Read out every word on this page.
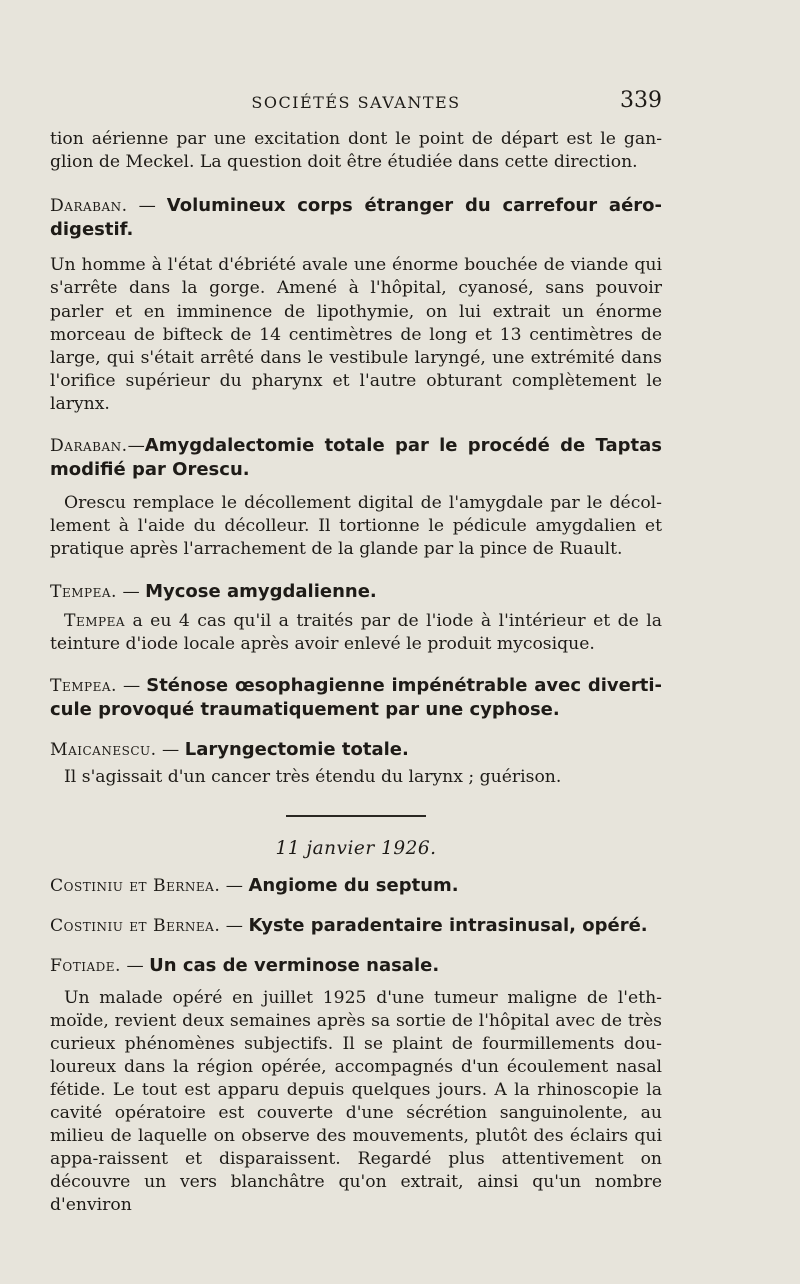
SOCIÉTÉS SAVANTES	339

tion aérienne par une excitation dont le point de départ est le gan-glion de Meckel. La question doit être étudiée dans cette direction.

Daraban. — Volumineux corps étranger du carrefour aéro-digestif.

Un homme à l'état d'ébriété avale une énorme bouchée de viande qui s'arrête dans la gorge. Amené à l'hôpital, cyanosé, sans pouvoir parler et en imminence de lipothymie, on lui extrait un énorme morceau de bifteck de 14 centimètres de long et 13 centimètres de large, qui s'était arrêté dans le vestibule laryngé, une extrémité dans l'orifice supérieur du pharynx et l'autre obturant complètement le larynx.

Daraban.—Amygdalectomie totale par le procédé de Taptas modifié par Orescu.

Orescu remplace le décollement digital de l'amygdale par le décol-lement à l'aide du décolleur. Il tortionne le pédicule amygdalien et pratique après l'arrachement de la glande par la pince de Ruault.

Tempea. — Mycose amygdalienne.

Tempea a eu 4 cas qu'il a traités par de l'iode à l'intérieur et de la teinture d'iode locale après avoir enlevé le produit mycosique.

Tempea. — Sténose œsophagienne impénétrable avec diverti-cule provoqué traumatiquement par une cyphose.

Maicanescu. — Laryngectomie totale.

Il s'agissait d'un cancer très étendu du larynx ; guérison.

11 janvier 1926.

Costiniu et Bernea. — Angiome du septum.

Costiniu et Bernea. — Kyste paradentaire intrasinusal, opéré.

Fotiade. — Un cas de verminose nasale.

Un malade opéré en juillet 1925 d'une tumeur maligne de l'eth-moïde, revient deux semaines après sa sortie de l'hôpital avec de très curieux phénomènes subjectifs. Il se plaint de fourmillements dou-loureux dans la région opérée, accompagnés d'un écoulement nasal fétide. Le tout est apparu depuis quelques jours. A la rhinoscopie la cavité opératoire est couverte d'une sécrétion sanguinolente, au milieu de laquelle on observe des mouvements, plutôt des éclairs qui appa-raissent et disparaissent. Regardé plus attentivement on découvre un vers blanchâtre qu'on extrait, ainsi qu'un nombre d'environ
